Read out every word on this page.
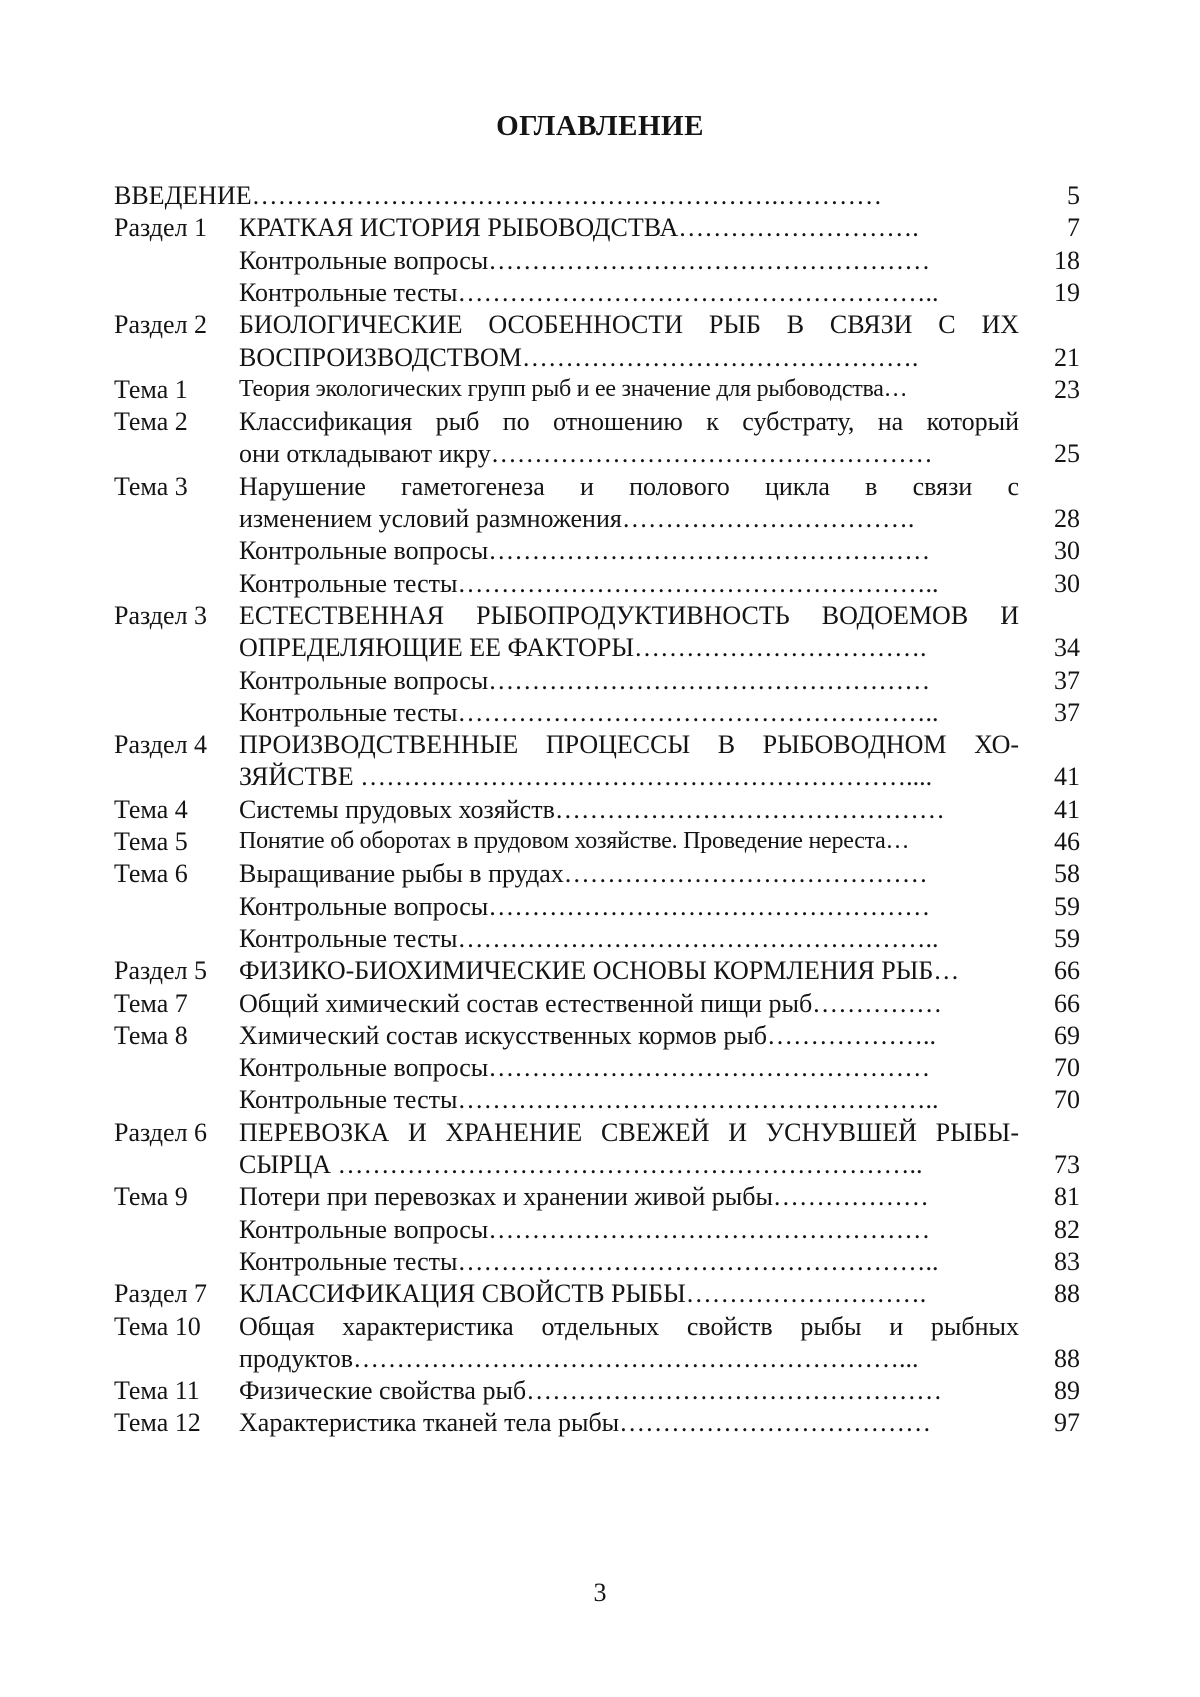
ОГЛАВЛЕНИЕ
ВВЕДЕНИЕ…………………………………………………….…………	5
Раздел 1 КРАТКАЯ ИСТОРИЯ РЫБОВОДСТВА……………………….	7
Контрольные вопросы……………………………………………	18
Контрольные тесты………………………………………………..	19
Раздел 2 БИОЛОГИЧЕСКИЕ ОСОБЕННОСТИ РЫБ В СВЯЗИ С ИХ
ВОСПРОИЗВОДСТВОМ……………………………………….	21
Тема 1 Теория экологических групп рыб и ее значение для рыбоводства…	23
Тема 2 Классификация рыб по отношению к субстрату, на который
они откладывают икру……………………………………………	25
Тема 3 Нарушение гаметогенеза и полового цикла в связи с
изменением условий размножения…………………………….	28
Контрольные вопросы……………………………………………	30
Контрольные тесты………………………………………………..	30
Раздел 3 ЕСТЕСТВЕННАЯ РЫБОПРОДУКТИВНОСТЬ ВОДОЕМОВ И
ОПРЕДЕЛЯЮЩИЕ ЕЕ ФАКТОРЫ…………………………….	34
Контрольные вопросы……………………………………………	37
Контрольные тесты………………………………………………..	37
Раздел 4 ПРОИЗВОДСТВЕННЫЕ ПРОЦЕССЫ В РЫБОВОДНОМ ХО-
ЗЯЙСТВЕ ………………………………………………………....	41
Тема 4 Системы прудовых хозяйств………………………………………	41
Тема 5 Понятие об оборотах в прудовом хозяйстве. Проведение нереста…	46
Тема 6 Выращивание рыбы в прудах……………………………………	58
Контрольные вопросы……………………………………………	59
Контрольные тесты………………………………………………..	59
Раздел 5 ФИЗИКО-БИОХИМИЧЕСКИЕ ОСНОВЫ КОРМЛЕНИЯ РЫБ…	66
Тема 7 Общий химический состав естественной пищи рыб……………	66
Тема 8 Химический состав искусственных кормов рыб………………..	69
Контрольные вопросы……………………………………………	70
Контрольные тесты………………………………………………..	70
Раздел 6 ПЕРЕВОЗКА И ХРАНЕНИЕ СВЕЖЕЙ И УСНУВШЕЙ РЫБЫ-
СЫРЦА …………………………………………………………..	73
Тема 9 Потери при перевозках и хранении живой рыбы………………	81
Контрольные вопросы……………………………………………	82
Контрольные тесты………………………………………………..	83
Раздел 7 КЛАССИФИКАЦИЯ СВОЙСТВ РЫБЫ……………………….	88
Тема 10 Общая характеристика отдельных свойств рыбы и рыбных
продуктов………………………………………………………...	88
Тема 11 Физические свойства рыб…………………………………………	89
Тема 12 Характеристика тканей тела рыбы………………………………	97
3
